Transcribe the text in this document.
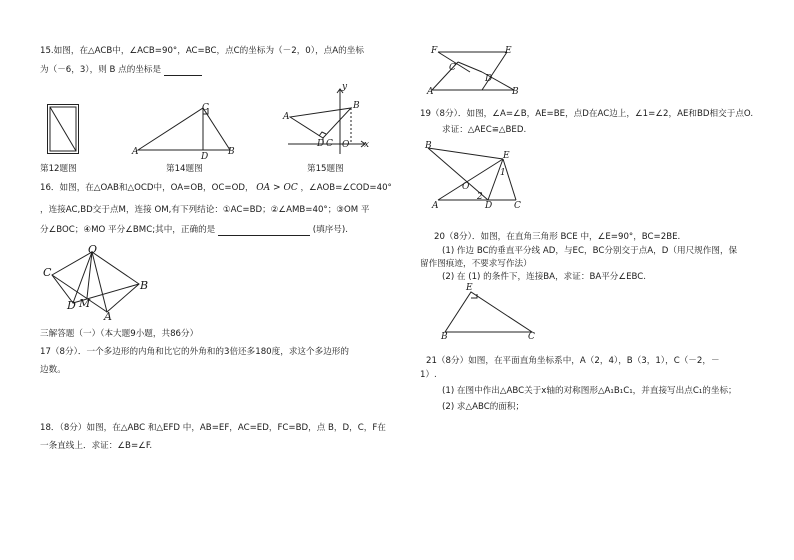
15.如图，在△ACB中，∠ACB=90°，AC=BC，点C的坐标为（－2，0），点A的坐标
为（－6，3），则 B 点的坐标是
第12题图
A	B
C
D
第14题图
y
B
A
D C O x
第15题图
16．如图，在△OAB和△OCD中，OA=OB，OC=OD， OA > OC ，∠AOB=∠COD=40°
，连接AC,BD交于点M，连接 OM,有下列结论：①AC=BD；②∠AMB=40°；③OM 平
分∠BOC；④MO 平分∠BMC;其中，正确的是	(填序号).
O
C
B
D M
A
三解答题（一）（本大题9小题，共86分）
17（8分）．一个多边形的内角和比它的外角和的3倍还多180度，求这个多边形的
边数。
18．（8分）如图，在△ABC 和△EFD 中，AB=EF，AC=ED，FC=BD，点 B，D，C，F在
一条直线上．求证：∠B=∠F.
F	E
C
D
A	B
19（8分）．如图，∠A=∠B，AE=BE，点D在AC边上，∠1=∠2，AE和BD相交于点O.
求证：△AEC≌△BED.
B
E
1
O
2
A	D C
20（8分）．如图，在直角三角形 BCE 中，∠E=90°，BC=2BE.
(1) 作边 BC的垂直平分线 AD，与EC，BC分别交于点A，D（用尺规作图，保
留作图痕迹，不要求写作法）
(2) 在 (1) 的条件下，连接BA，求证：BA平分∠EBC.
E
B	C
21（8分）如图，在平面直角坐标系中，A（2，4），B（3，1），C（－2，－
1）.
(1) 在图中作出△ABC关于x轴的对称图形△A₁B₁C₁，并直接写出点C₁的坐标；
(2) 求△ABC的面积；
